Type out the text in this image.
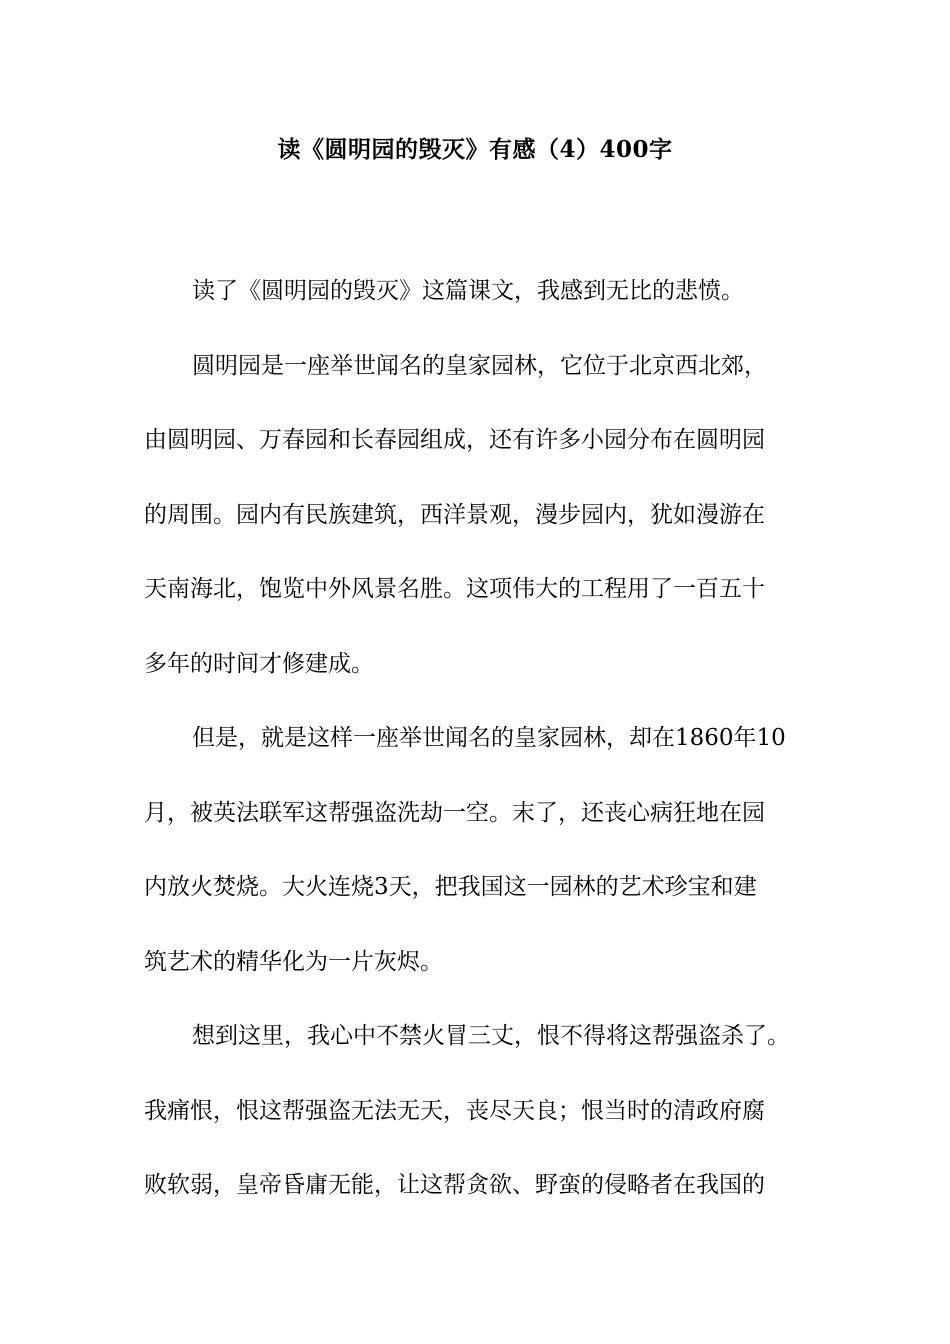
读《圆明园的毁灭》有感（4）400字
读了《圆明园的毁灭》这篇课文，我感到无比的悲愤。
圆明园是一座举世闻名的皇家园林，它位于北京西北郊，
由圆明园、万春园和长春园组成，还有许多小园分布在圆明园
的周围。园内有民族建筑，西洋景观，漫步园内，犹如漫游在
天南海北，饱览中外风景名胜。这项伟大的工程用了一百五十
多年的时间才修建成。
但是，就是这样一座举世闻名的皇家园林，却在1860年10
月，被英法联军这帮强盗洗劫一空。末了，还丧心病狂地在园
内放火焚烧。大火连烧3天，把我国这一园林的艺术珍宝和建
筑艺术的精华化为一片灰烬。
想到这里，我心中不禁火冒三丈，恨不得将这帮强盗杀了。
我痛恨，恨这帮强盗无法无天，丧尽天良；恨当时的清政府腐
败软弱，皇帝昏庸无能，让这帮贪欲、野蛮的侵略者在我国的
